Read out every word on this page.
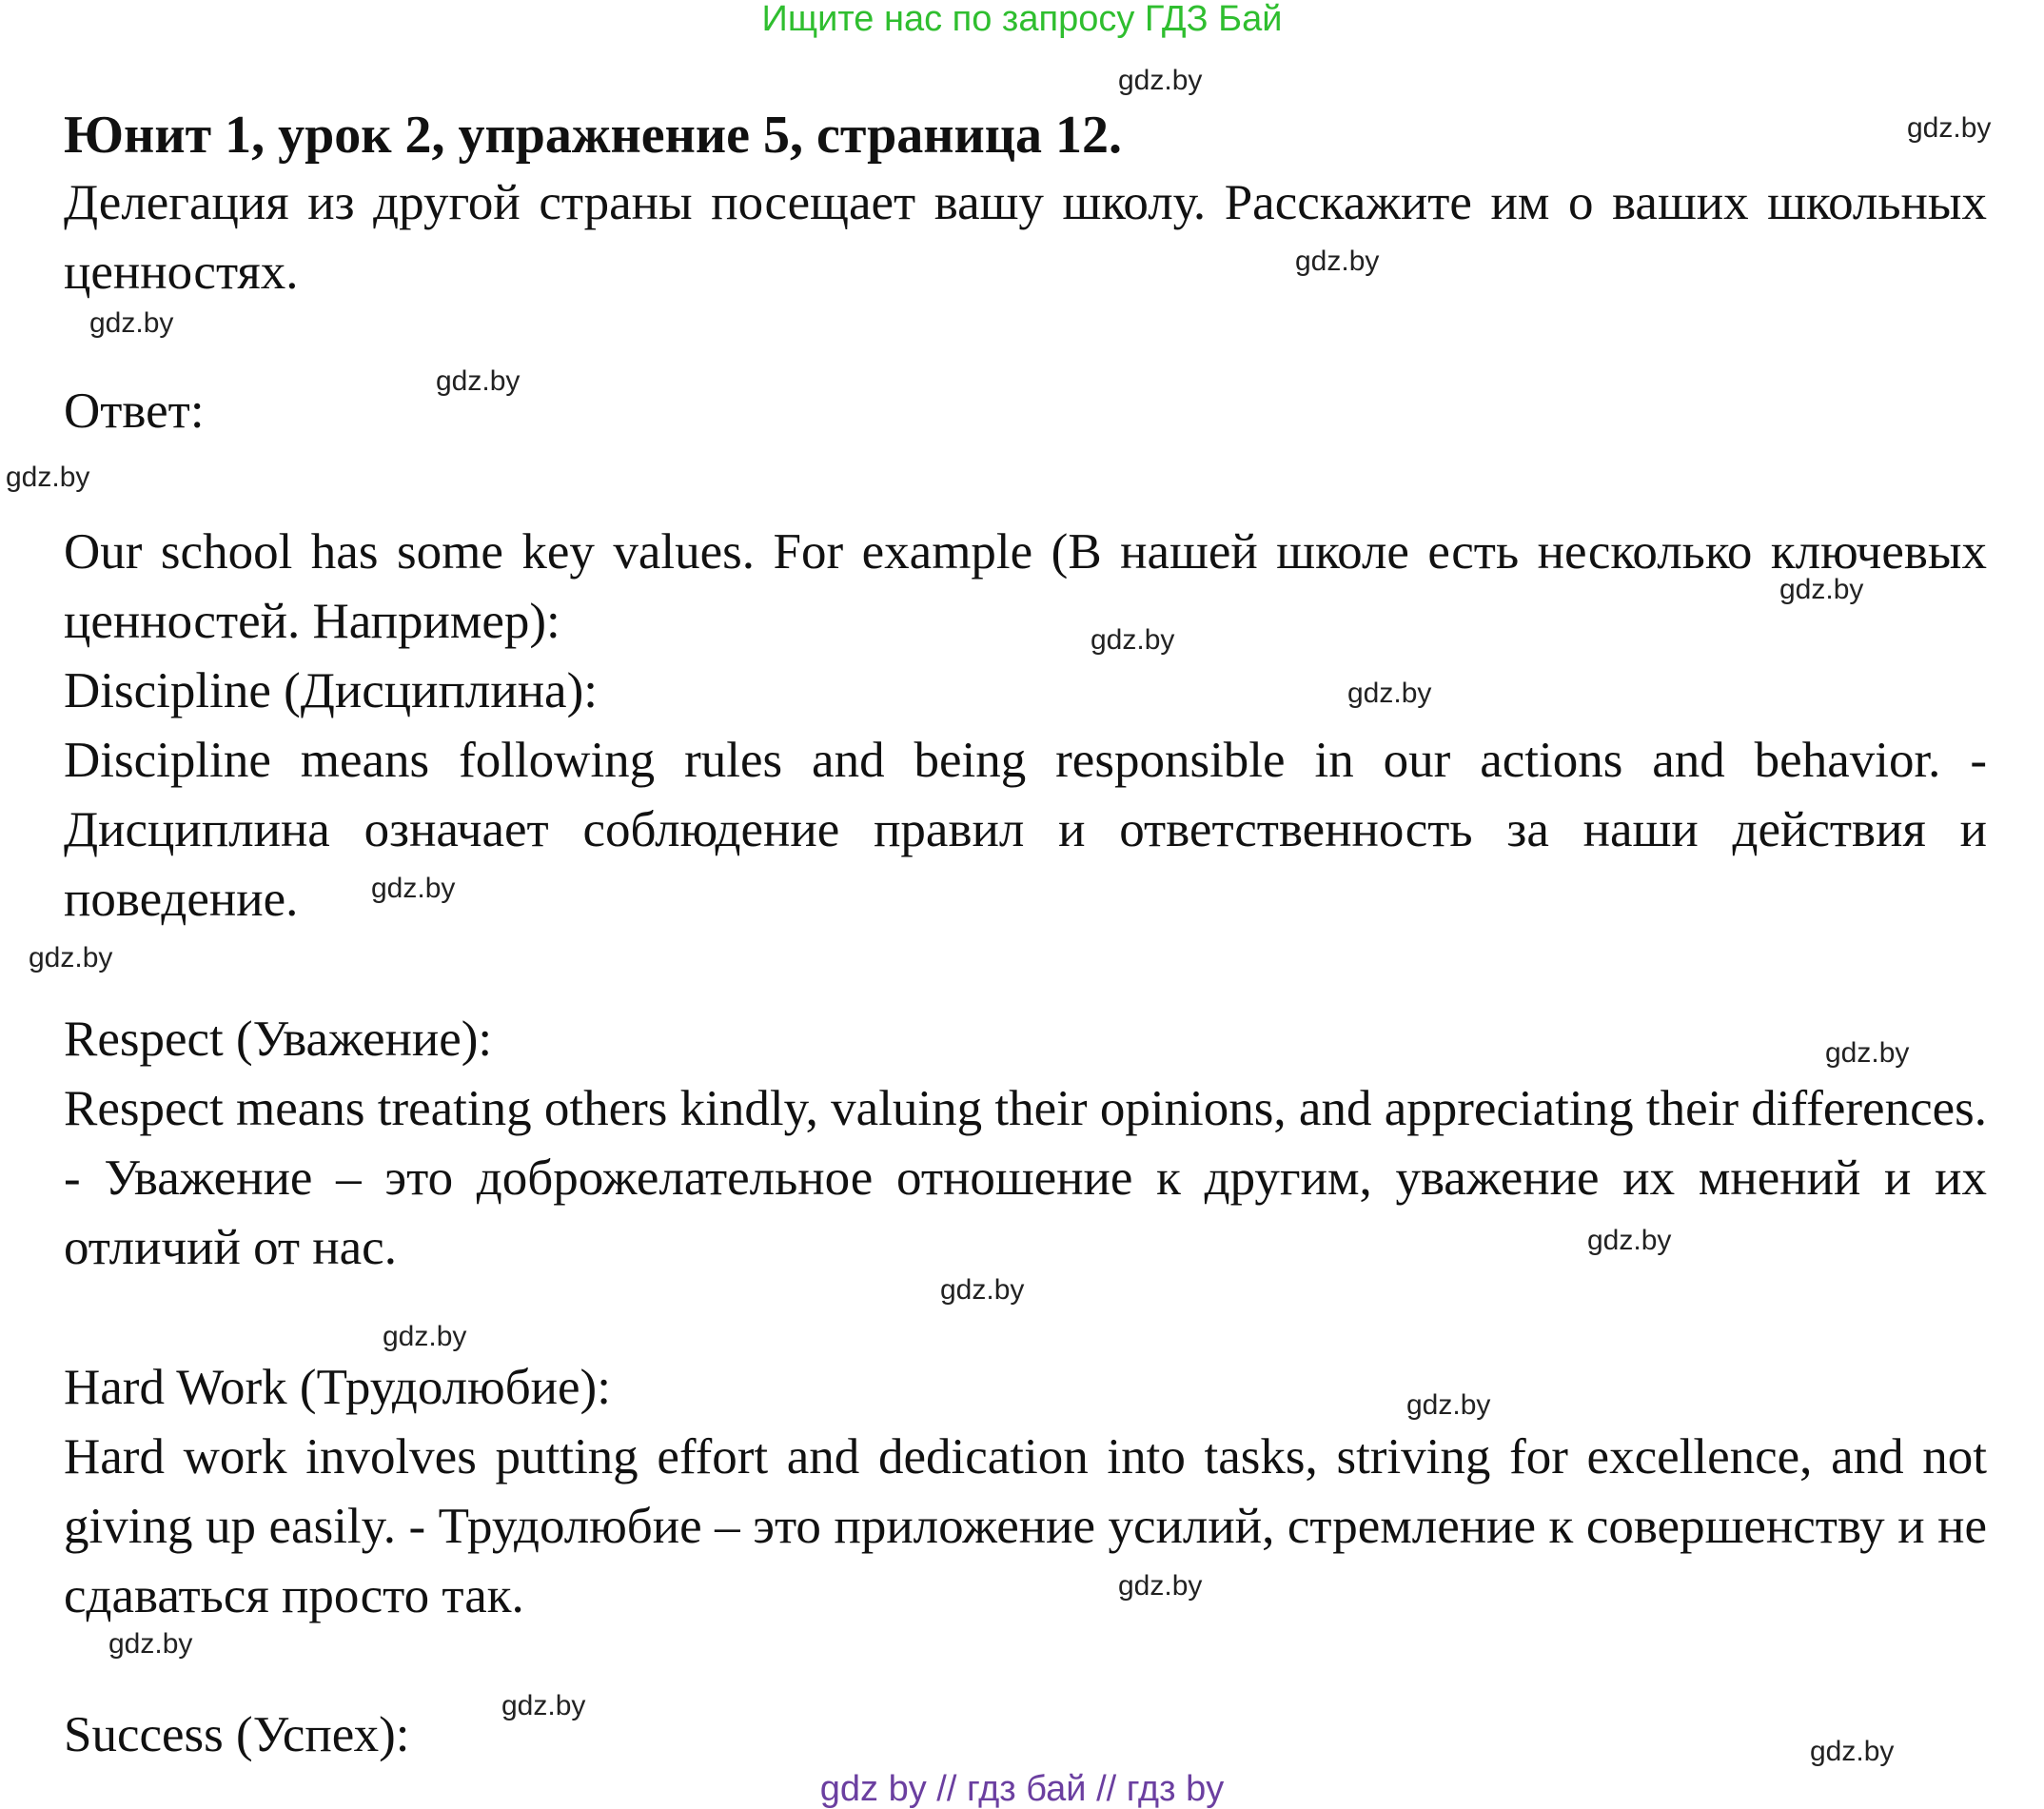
Ищите нас по запросу ГДЗ Бай
Юнит 1, урок 2, упражнение 5, страница 12.
Делегация из другой страны посещает вашу школу. Расскажите им о ваших школьных ценностях.
Ответ:
Our school has some key values. For example (В нашей школе есть несколько ключевых ценностей. Например):
Discipline (Дисциплина):
Discipline means following rules and being responsible in our actions and behavior. - Дисциплина означает соблюдение правил и ответственность за наши действия и поведение.
Respect (Уважение):
Respect means treating others kindly, valuing their opinions, and appreciating their differences. - Уважение – это доброжелательное отношение к другим, уважение их мнений и их отличий от нас.
Hard Work (Трудолюбие):
Hard work involves putting effort and dedication into tasks, striving for excellence, and not giving up easily. - Трудолюбие – это приложение усилий, стремление к совершенству и не сдаваться просто так.
Success (Успех):
gdz.by
gdz.by
gdz.by
gdz.by
gdz.by
gdz.by
gdz.by
gdz.by
gdz.by
gdz.by
gdz.by
gdz.by
gdz.by
gdz.by
gdz.by
gdz.by
gdz.by
gdz.by
gdz.by
gdz.by
gdz by // гдз бай // гдз by
